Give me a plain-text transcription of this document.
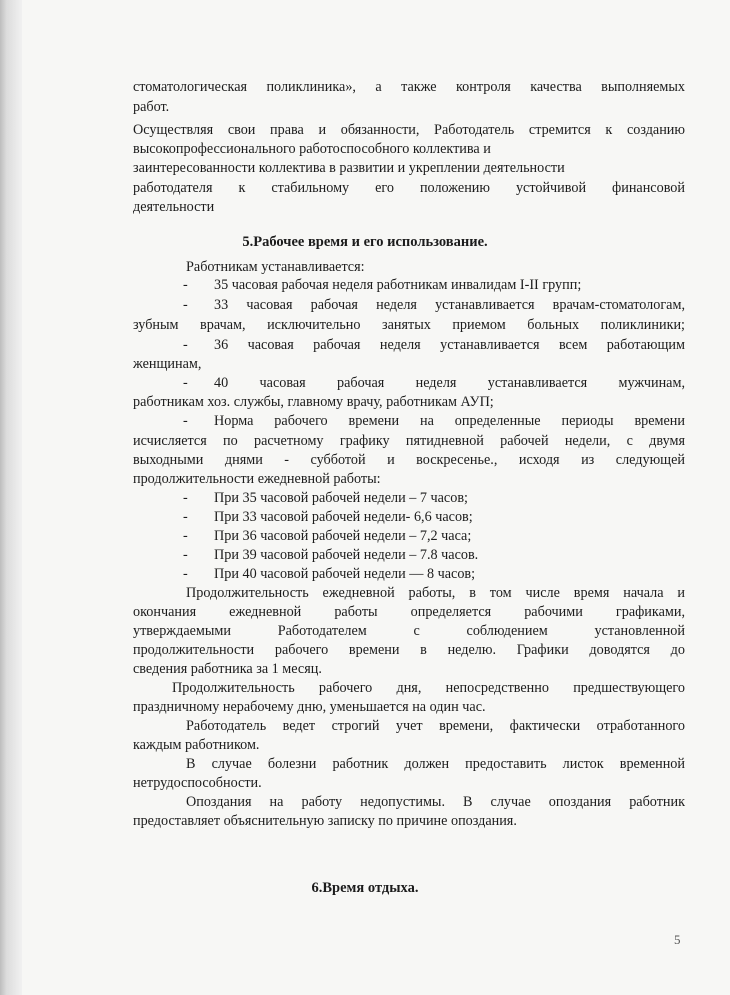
стоматологическая поликлиника», а также контроля качества выполняемых
работ.
Осуществляя свои права и обязанности, Работодатель стремится к созданию
высокопрофессионального работоспособного коллектива и
заинтересованности коллектива в развитии и укреплении деятельности
работодателя к стабильному его положению устойчивой финансовой
деятельности
5.Рабочее время и его использование.
Работникам устанавливается:
-	35 часовая рабочая неделя работникам инвалидам I-II групп;
-	33 часовая рабочая неделя устанавливается врачам-стоматологам,
зубным врачам, исключительно занятых приемом больных поликлиники;
-	36 часовая рабочая неделя устанавливается всем работающим
женщинам,
-	40 часовая рабочая неделя устанавливается мужчинам,
работникам хоз. службы, главному врачу, работникам АУП;
-	Норма рабочего времени на определенные периоды времени
исчисляется по расчетному графику пятидневной рабочей недели, с двумя
выходными днями - субботой и воскресенье., исходя из следующей
продолжительности ежедневной работы:
-	При 35 часовой рабочей недели – 7 часов;
-	При 33 часовой рабочей недели- 6,6 часов;
-	При 36 часовой рабочей недели – 7,2 часа;
-	При 39 часовой рабочей недели – 7.8 часов.
-	При 40 часовой рабочей недели — 8 часов;
Продолжительность ежедневной работы, в том числе время начала и
окончания ежедневной работы определяется рабочими графиками,
утверждаемыми Работодателем с соблюдением установленной
продолжительности рабочего времени в неделю. Графики доводятся до
сведения работника за 1 месяц.
Продолжительность рабочего дня, непосредственно предшествующего
праздничному нерабочему дню, уменьшается на один час.
Работодатель ведет строгий учет времени, фактически отработанного
каждым работником.
В случае болезни работник должен предоставить листок временной
нетрудоспособности.
Опоздания на работу недопустимы. В случае опоздания работник
предоставляет объяснительную записку по причине опоздания.
6.Время отдыха.
5
